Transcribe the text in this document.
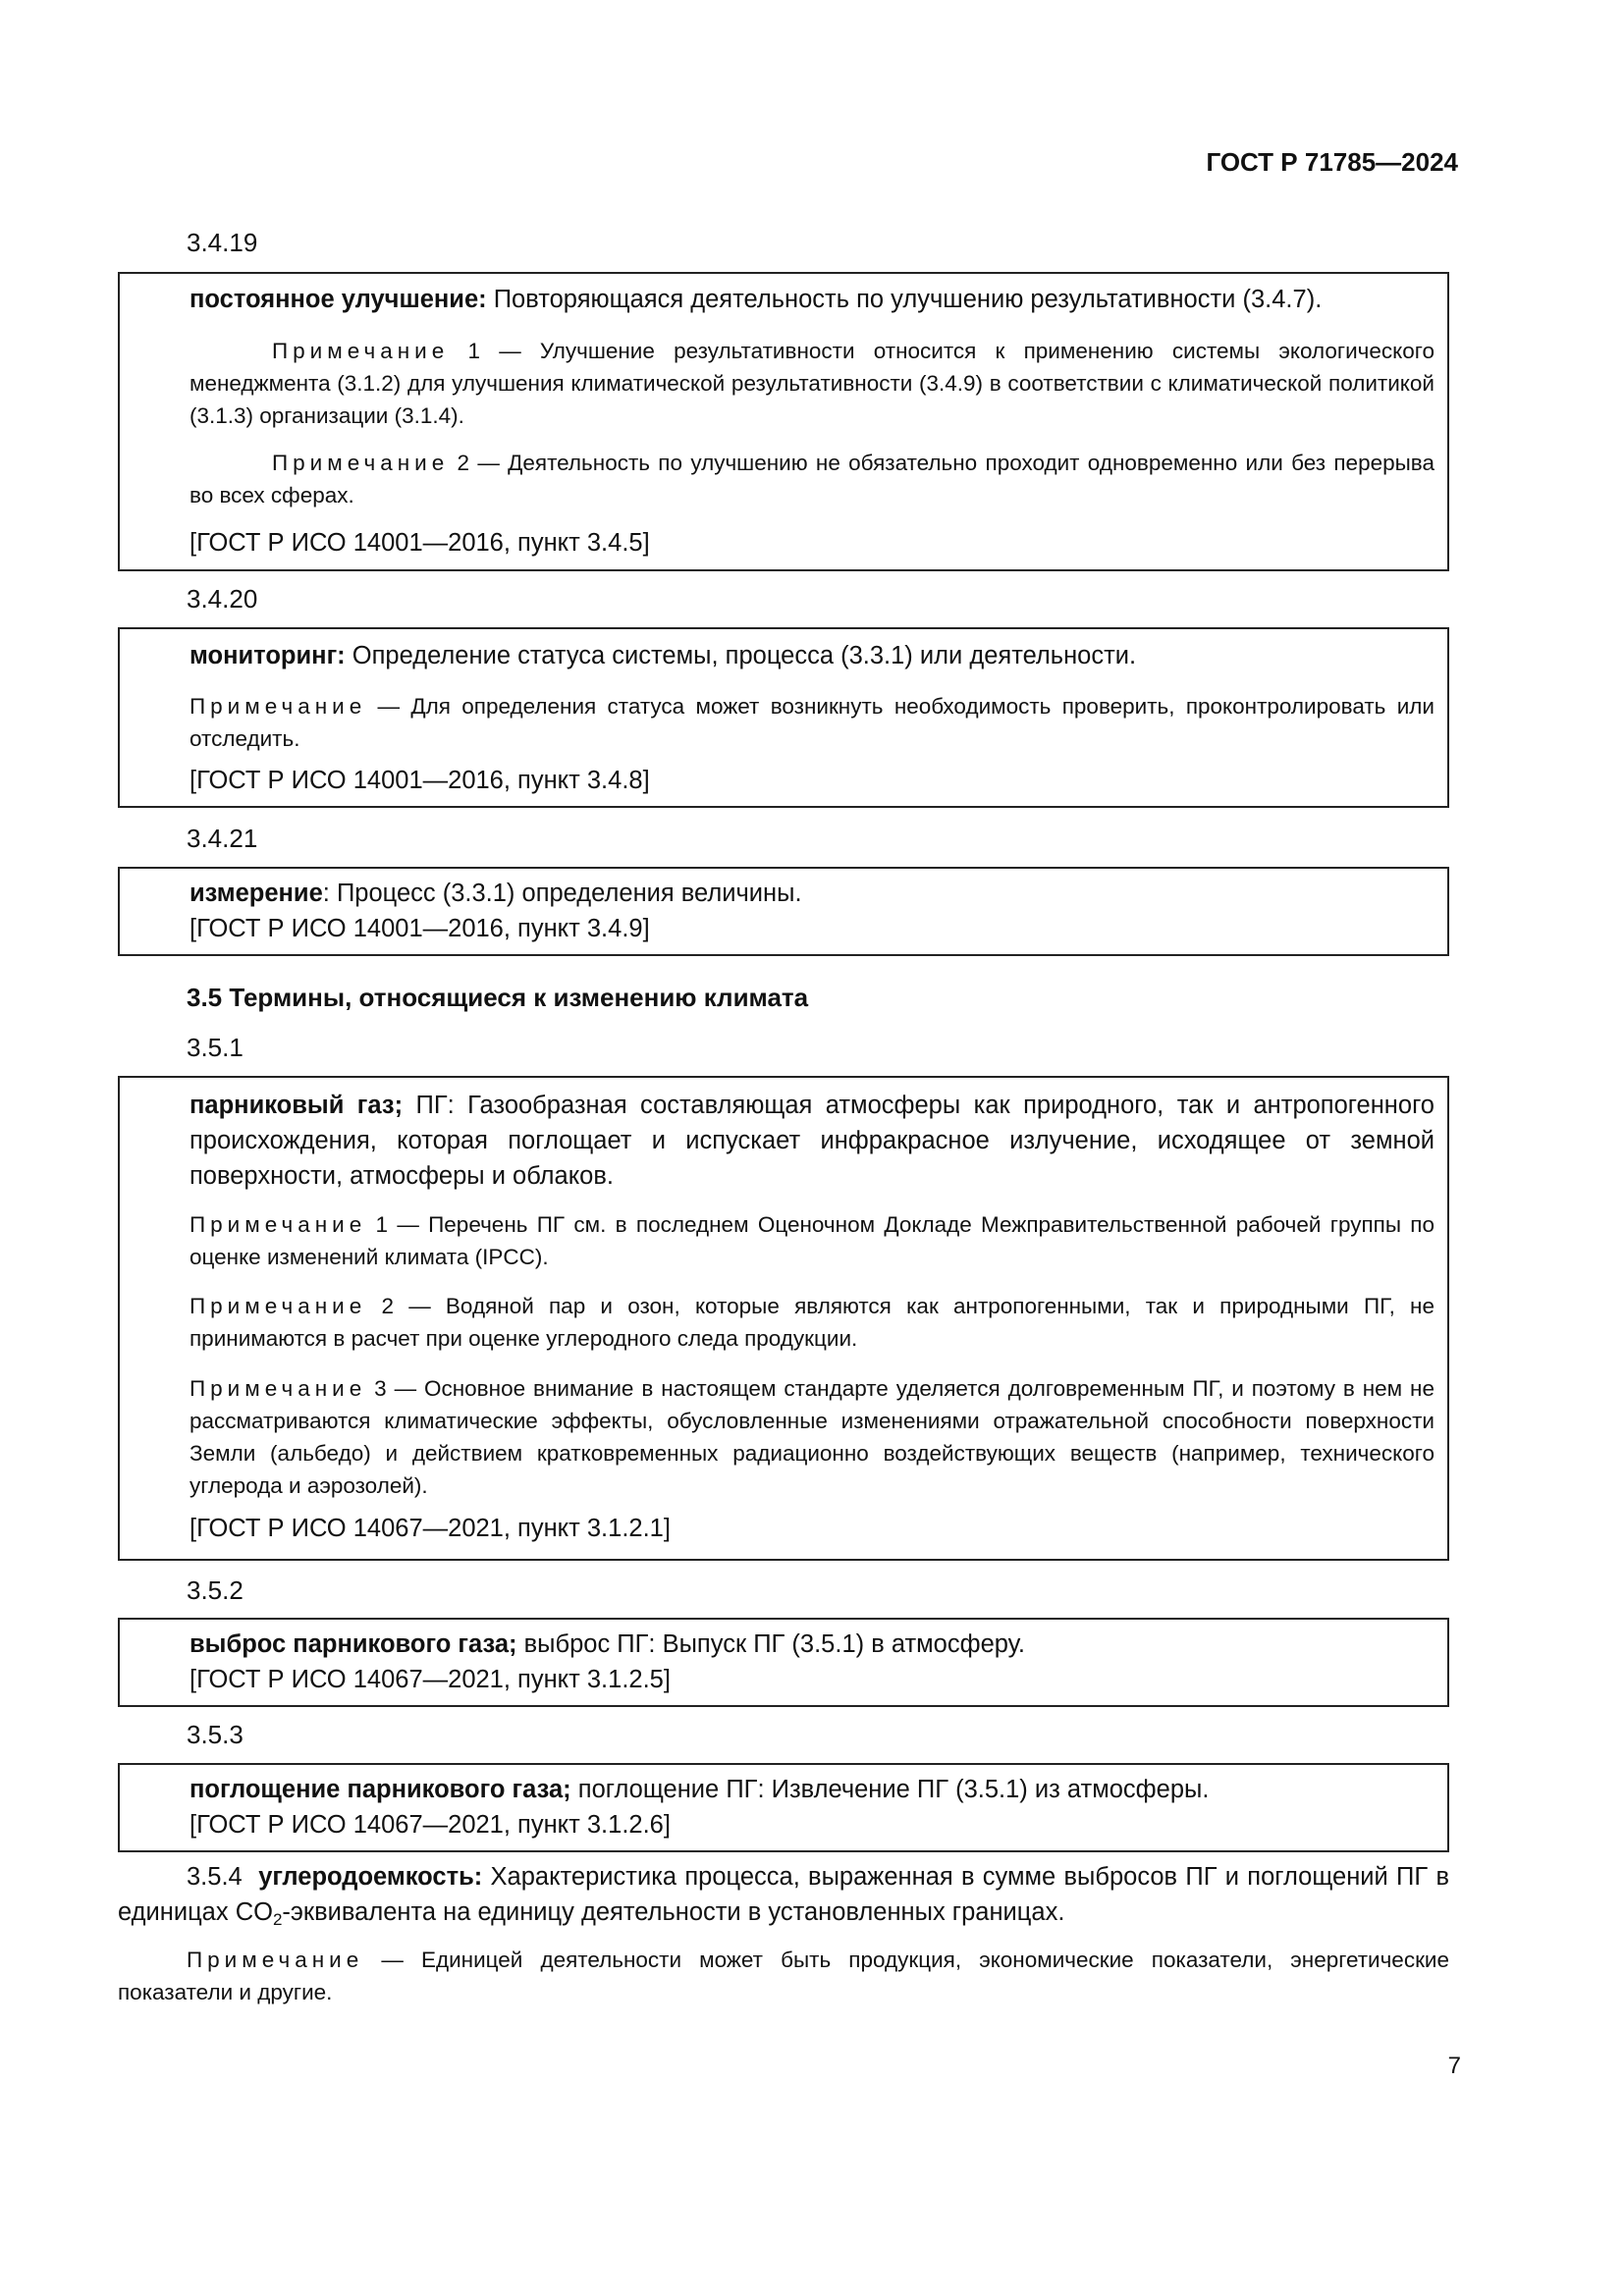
ГОСТ Р 71785—2024
3.4.19

постоянное улучшение: Повторяющаяся деятельность по улучшению результативности (3.4.7).

Примечание 1 — Улучшение результативности относится к применению системы экологического менеджмента (3.1.2) для улучшения климатической результативности (3.4.9) в соответствии с климатической политикой (3.1.3) организации (3.1.4).

Примечание 2 — Деятельность по улучшению не обязательно проходит одновременно или без перерыва во всех сферах.

[ГОСТ Р ИСО 14001—2016, пункт 3.4.5]

3.4.20

мониторинг: Определение статуса системы, процесса (3.3.1) или деятельности.

Примечание — Для определения статуса может возникнуть необходимость проверить, проконтролировать или отследить.

[ГОСТ Р ИСО 14001—2016, пункт 3.4.8]

3.4.21

измерение: Процесс (3.3.1) определения величины.

[ГОСТ Р ИСО 14001—2016, пункт 3.4.9]

3.5 Термины, относящиеся к изменению климата
3.5.1

парниковый газ; ПГ: Газообразная составляющая атмосферы как природного, так и антропогенного происхождения, которая поглощает и испускает инфракрасное излучение, исходящее от земной поверхности, атмосферы и облаков.

Примечание 1 — Перечень ПГ см. в последнем Оценочном Докладе Межправительственной рабочей группы по оценке изменений климата (IPCC).

Примечание 2 — Водяной пар и озон, которые являются как антропогенными, так и природными ПГ, не принимаются в расчет при оценке углеродного следа продукции.

Примечание 3 — Основное внимание в настоящем стандарте уделяется долговременным ПГ, и поэтому в нем не рассматриваются климатические эффекты, обусловленные изменениями отражательной способности поверхности Земли (альбедо) и действием кратковременных радиационно воздействующих веществ (например, технического углерода и аэрозолей).

[ГОСТ Р ИСО 14067—2021, пункт 3.1.2.1]

3.5.2

выброс парникового газа; выброс ПГ: Выпуск ПГ (3.5.1) в атмосферу.

[ГОСТ Р ИСО 14067—2021, пункт 3.1.2.5]

3.5.3

поглощение парникового газа; поглощение ПГ: Извлечение ПГ (3.5.1) из атмосферы.

[ГОСТ Р ИСО 14067—2021, пункт 3.1.2.6]

3.5.4 углеродоемкость: Характеристика процесса, выраженная в сумме выбросов ПГ и поглощений ПГ в единицах $CO_2$-эквивалента на единицу деятельности в установленных границах.

Примечание — Единицей деятельности может быть продукция, экономические показатели, энергетические показатели и другие.

7
